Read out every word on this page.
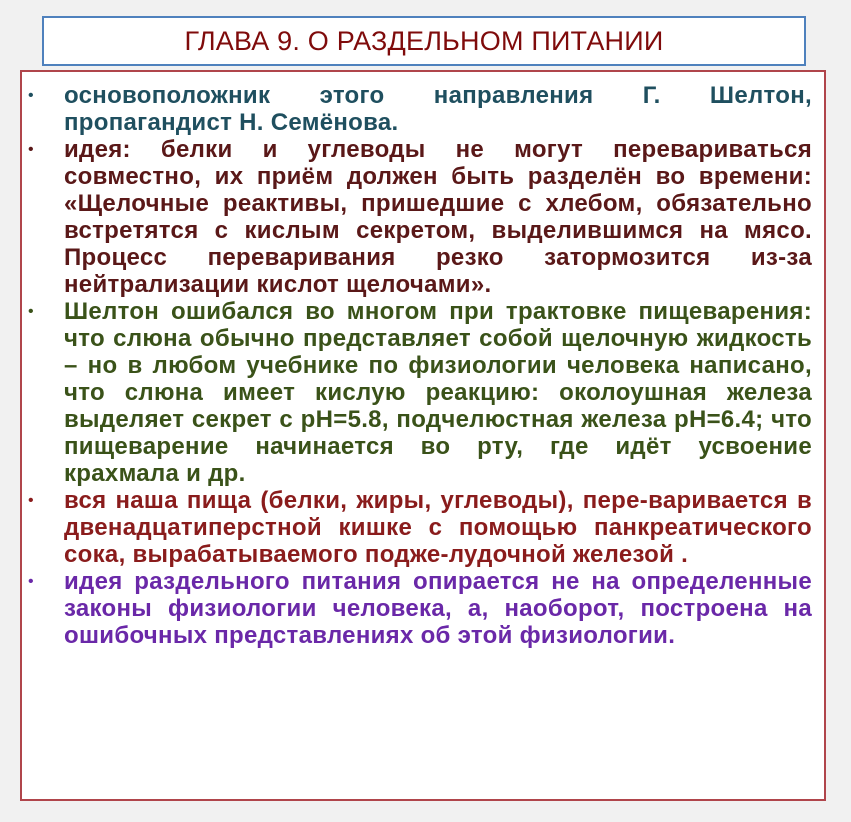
ГЛАВА 9. О РАЗДЕЛЬНОМ ПИТАНИИ
• основоположник этого направления Г. Шелтон, пропагандист Н. Семёнова.
• идея: белки и углеводы не могут перевариваться совместно, их приём должен быть разделён во времени: «Щелочные реактивы, пришедшие с хлебом, обязательно встретятся с кислым секретом, выделившимся на мясо. Процесс переваривания резко затормозится из-за нейтрализации кислот щелочами».
• Шелтон ошибался во многом при трактовке пищеварения: что слюна обычно представляет собой щелочную жидкость – но в любом учебнике по физиологии человека написано, что слюна имеет кислую реакцию: околоушная железа выделяет секрет с pH=5.8, подчелюстная железа pH=6.4; что пищеварение начинается во рту, где идёт усвоение крахмала и др.
• вся наша пища (белки, жиры, углеводы), пере-варивается в двенадцатиперстной кишке с помощью панкреатического сока, вырабатываемого подже-лудочной железой .
• идея раздельного питания опирается не на определенные законы физиологии человека, а, наоборот, построена на ошибочных представлениях об этой физиологии.
